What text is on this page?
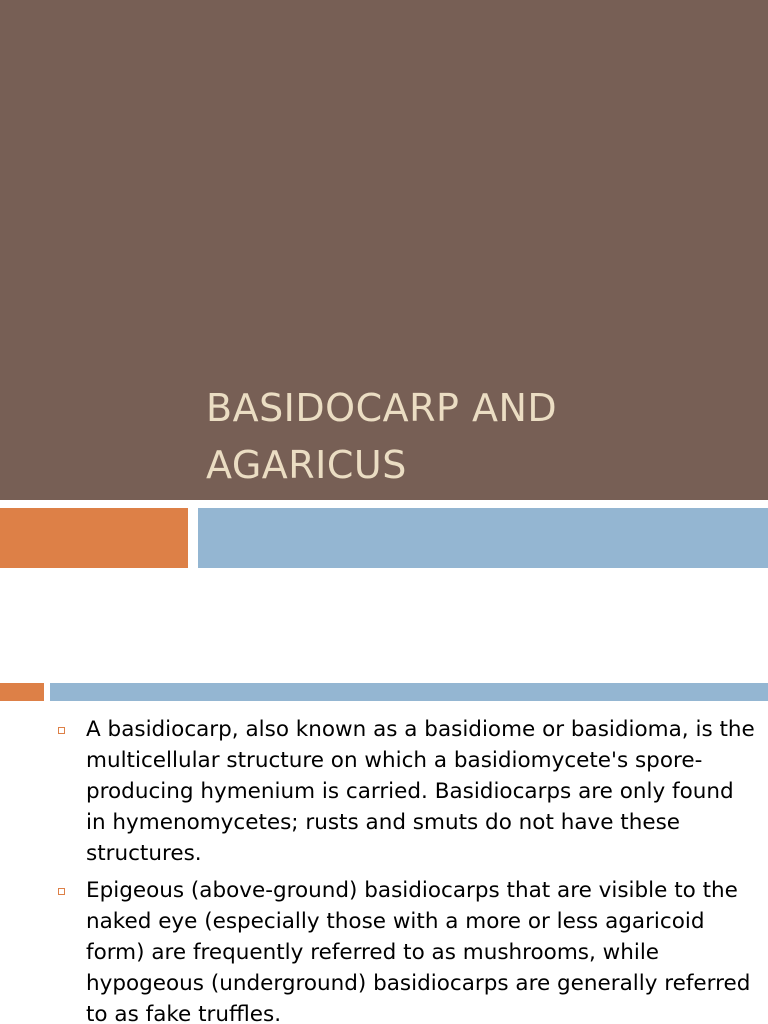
BASIDOCARP AND
AGARICUS
A basidiocarp, also known as a basidiome or basidioma, is the multicellular structure on which a basidiomycete's spore-producing hymenium is carried. Basidiocarps are only found in hymenomycetes; rusts and smuts do not have these structures.
Epigeous (above-ground) basidiocarps that are visible to the naked eye (especially those with a more or less agaricoid form) are frequently referred to as mushrooms, while hypogeous (underground) basidiocarps are generally referred to as fake truffles.
